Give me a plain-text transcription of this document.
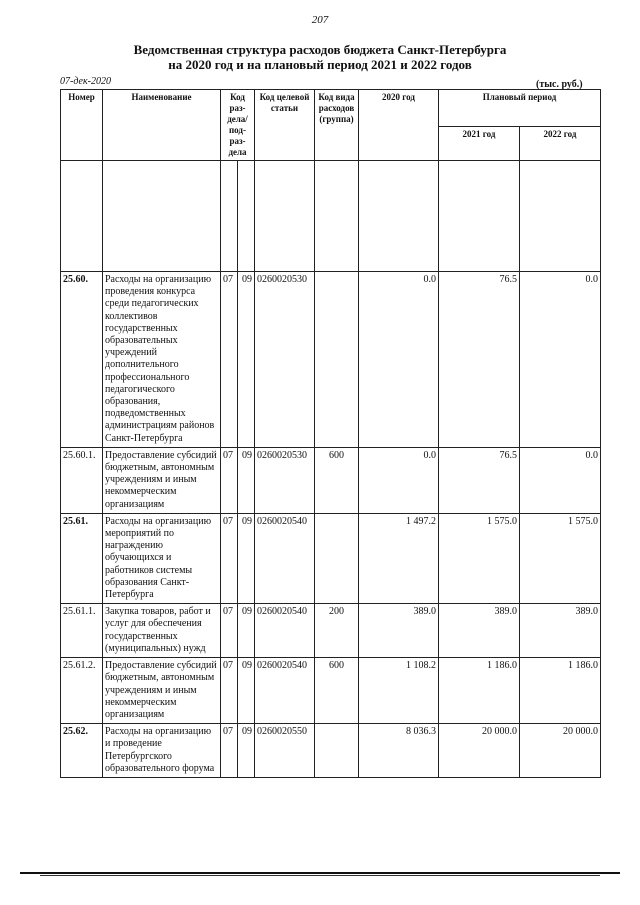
207
Ведомственная структура расходов бюджета Санкт-Петербурга
на 2020 год и на плановый период 2021 и 2022 годов
07-дек-2020	(тыс. руб.)
Номер	Наименование	Код раз-дела/ под-раз-дела		Код целевой статьи	Код вида расходов (группа)	2020 год	Плановый период	
							2021 год	2022 год

25.60.	Расходы на организацию проведения конкурса среди педагогических коллективов государственных образовательных учреждений дополнительного профессионального педагогического образования, подведомственных администрациям районов Санкт-Петербурга	07	09	0260020530		0.0	76.5	0.0
25.60.1.	Предоставление субсидий бюджетным, автономным учреждениям и иным некоммерческим организациям	07	09	0260020530	600	0.0	76.5	0.0
25.61.	Расходы на организацию мероприятий по награждению обучающихся и работников системы образования Санкт-Петербурга	07	09	0260020540		1 497.2	1 575.0	1 575.0
25.61.1.	Закупка товаров, работ и услуг для обеспечения государственных (муниципальных) нужд	07	09	0260020540	200	389.0	389.0	389.0
25.61.2.	Предоставление субсидий бюджетным, автономным учреждениям и иным некоммерческим организациям	07	09	0260020540	600	1 108.2	1 186.0	1 186.0
25.62.	Расходы на организацию и проведение Петербургского образовательного форума	07	09	0260020550		8 036.3	20 000.0	20 000.0
